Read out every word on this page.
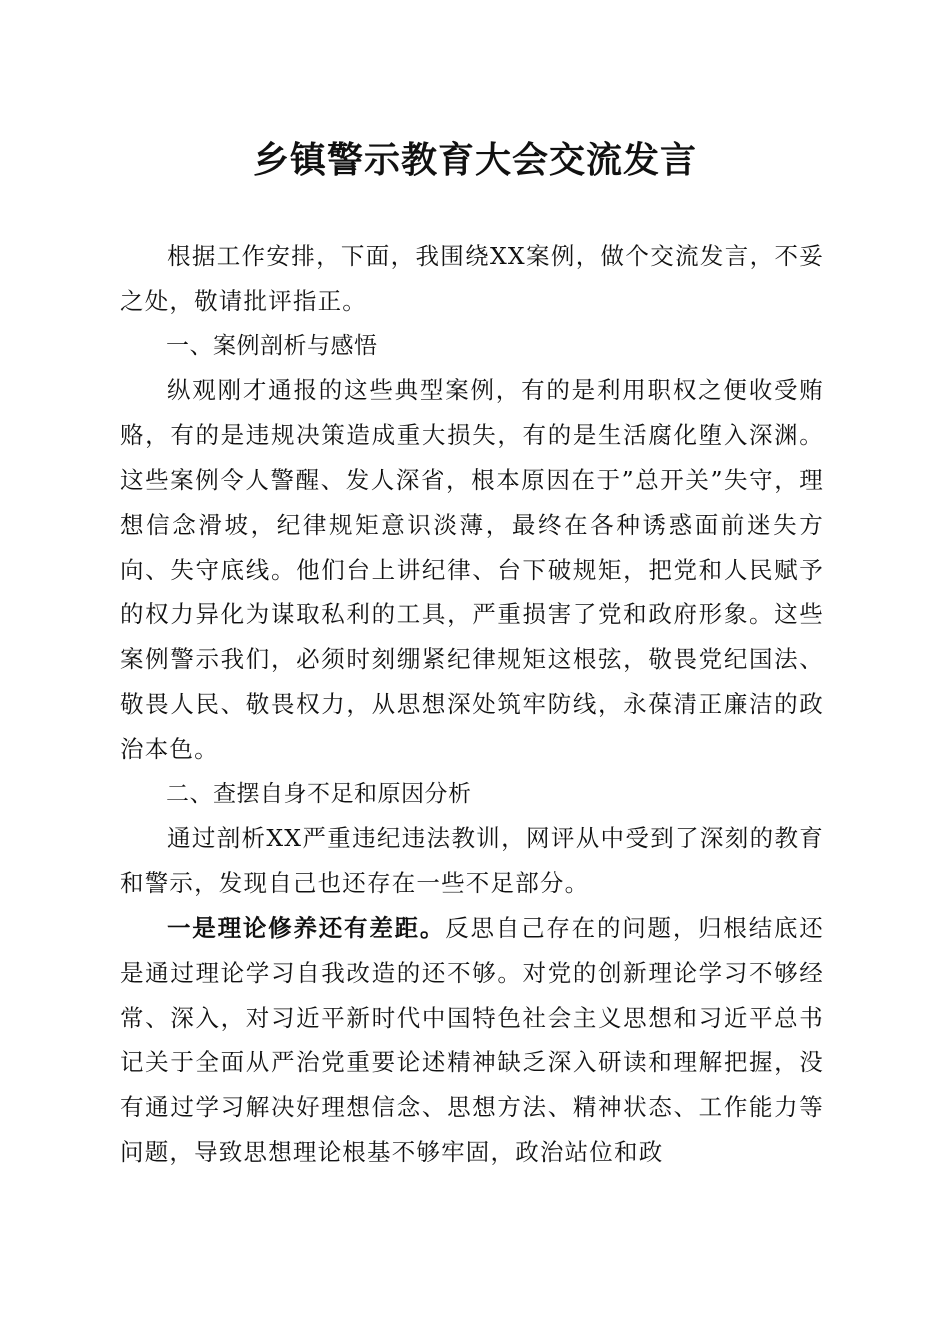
乡镇警示教育大会交流发言

根据工作安排，下面，我围绕XX案例，做个交流发言，不妥之处，敬请批评指正。

一、案例剖析与感悟

纵观刚才通报的这些典型案例，有的是利用职权之便收受贿赂，有的是违规决策造成重大损失，有的是生活腐化堕入深渊。这些案例令人警醒、发人深省，根本原因在于”总开关”失守，理想信念滑坡，纪律规矩意识淡薄，最终在各种诱惑面前迷失方向、失守底线。他们台上讲纪律、台下破规矩，把党和人民赋予的权力异化为谋取私利的工具，严重损害了党和政府形象。这些案例警示我们，必须时刻绷紧纪律规矩这根弦，敬畏党纪国法、敬畏人民、敬畏权力，从思想深处筑牢防线，永葆清正廉洁的政治本色。

二、查摆自身不足和原因分析

通过剖析XX严重违纪违法教训，网评从中受到了深刻的教育和警示，发现自己也还存在一些不足部分。

一是理论修养还有差距。反思自己存在的问题，归根结底还是通过理论学习自我改造的还不够。对党的创新理论学习不够经常、深入，对习近平新时代中国特色社会主义思想和习近平总书记关于全面从严治党重要论述精神缺乏深入研读和理解把握，没有通过学习解决好理想信念、思想方法、精神状态、工作能力等问题，导致思想理论根基不够牢固，政治站位和政
